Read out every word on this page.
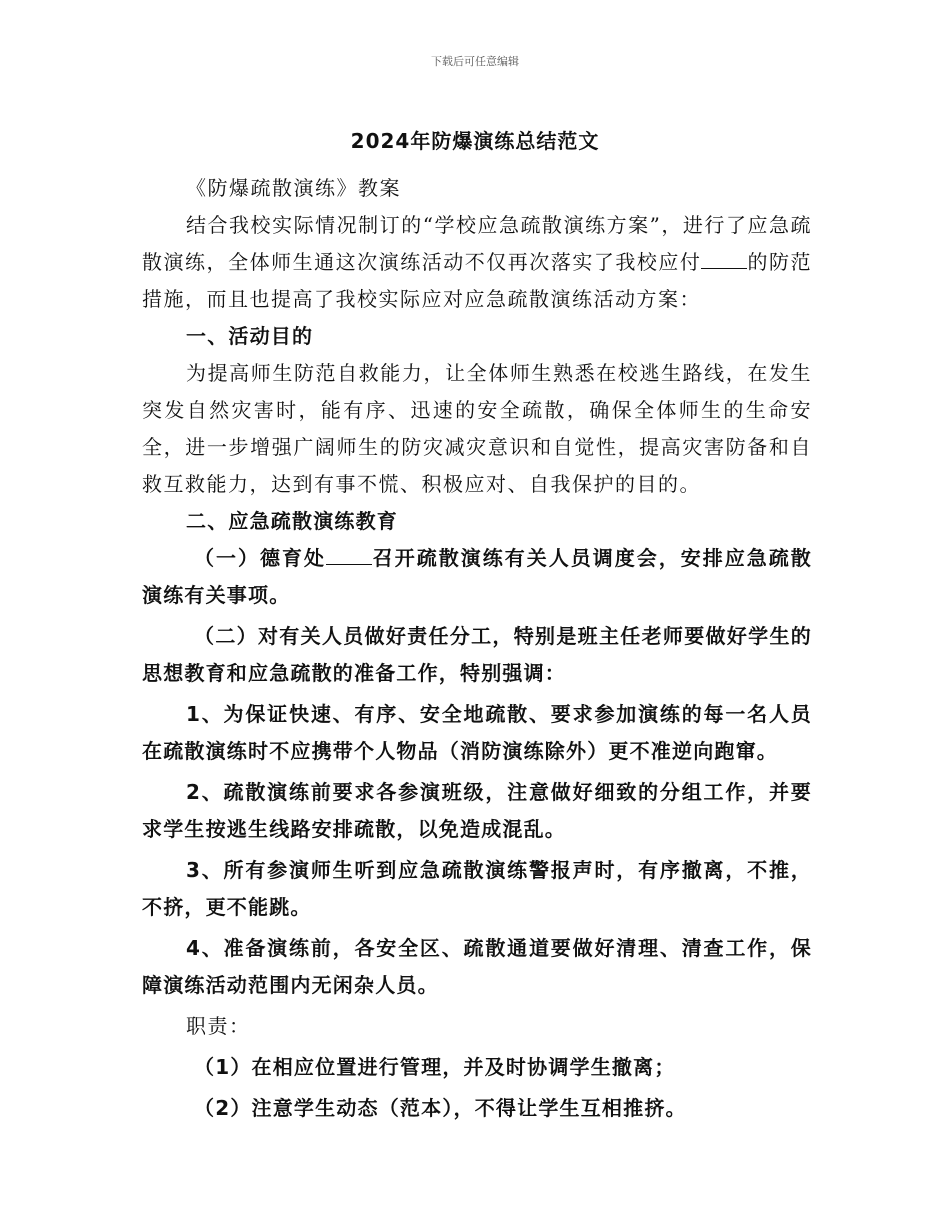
下载后可任意编辑
2024年防爆演练总结范文

《防爆疏散演练》教案

结合我校实际情况制订的“学校应急疏散演练方案”，进行了应急疏散演练，全体师生通这次演练活动不仅再次落实了我校应付 的防范措施，而且也提高了我校实际应对应急疏散演练活动方案：

一、活动目的

为提高师生防范自救能力，让全体师生熟悉在校逃生路线，在发生突发自然灾害时，能有序、迅速的安全疏散，确保全体师生的生命安全，进一步增强广阔师生的防灾减灾意识和自觉性，提高灾害防备和自救互救能力，达到有事不慌、积极应对、自我保护的目的。

二、应急疏散演练教育

（一）德育处 召开疏散演练有关人员调度会，安排应急疏散演练有关事项。

（二）对有关人员做好责任分工，特别是班主任老师要做好学生的思想教育和应急疏散的准备工作，特别强调：

1、为保证快速、有序、安全地疏散、要求参加演练的每一名人员在疏散演练时不应携带个人物品（消防演练除外）更不准逆向跑窜。

2、疏散演练前要求各参演班级，注意做好细致的分组工作，并要求学生按逃生线路安排疏散，以免造成混乱。

3、所有参演师生听到应急疏散演练警报声时，有序撤离，不推，不挤，更不能跳。

4、准备演练前，各安全区、疏散通道要做好清理、清查工作，保障演练活动范围内无闲杂人员。

职责：

（1）在相应位置进行管理，并及时协调学生撤离；

（2）注意学生动态（范本），不得让学生互相推挤。
